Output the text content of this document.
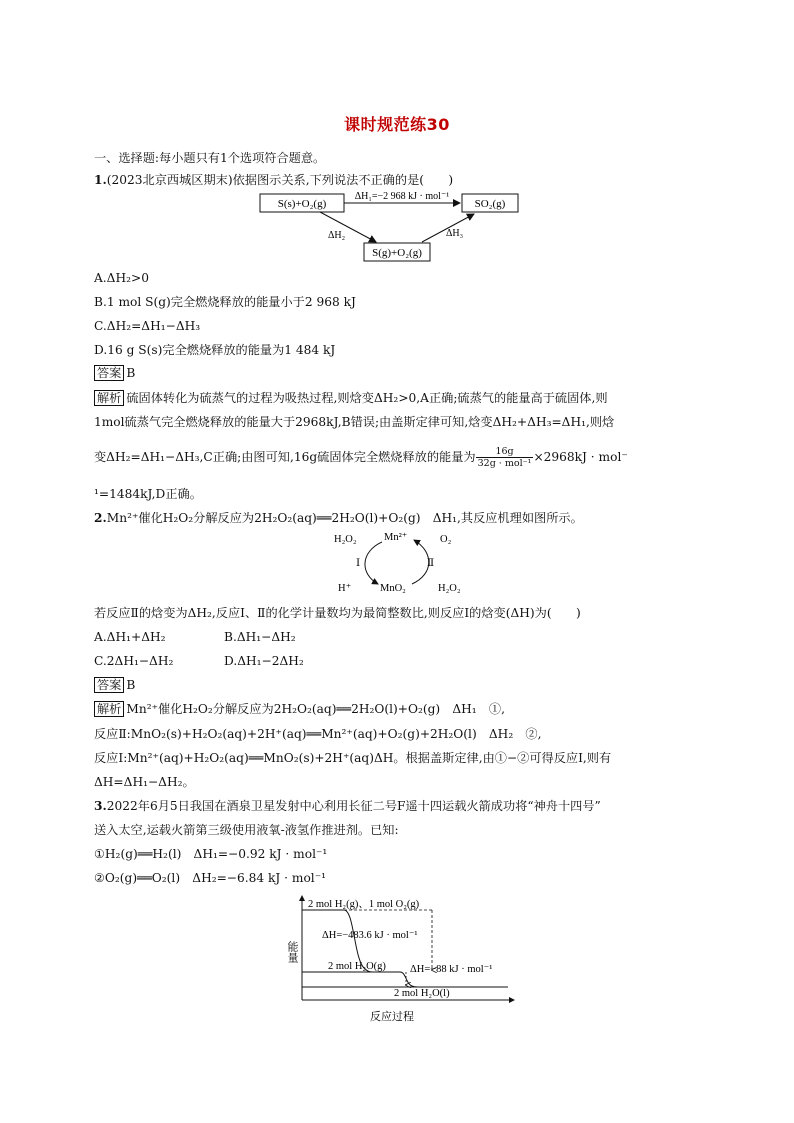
课时规范练30
一、选择题:每小题只有1个选项符合题意。
1.(2023北京西城区期末)依据图示关系,下列说法不正确的是(　　)
S(s)+O₂(g)	SO₂(g)
S(g)+O₂(g)
ΔH₁=−2 968 kJ · mol⁻¹
ΔH₂	ΔH₃
A.ΔH₂>0
B.1 mol S(g)完全燃烧释放的能量小于2 968 kJ
C.ΔH₂=ΔH₁−ΔH₃
D.16 g S(s)完全燃烧释放的能量为1 484 kJ
答案 B
解析 硫固体转化为硫蒸气的过程为吸热过程,则焓变ΔH₂>0,A正确;硫蒸气的能量高于硫固体,则
1mol硫蒸气完全燃烧释放的能量大于2968kJ,B错误;由盖斯定律可知,焓变ΔH₂+ΔH₃=ΔH₁,则焓
变ΔH₂=ΔH₁−ΔH₃,C正确;由图可知,16g硫固体完全燃烧释放的能量为 $\frac{16g}{\text{32g · mol⁻¹}} \times 2968kJ \cdot mol^-$
¹=1484kJ,D正确。
2.Mn²⁺催化H₂O₂分解反应为2H₂O₂(aq)══2H₂O(l)+O₂(g)　ΔH₁,其反应机理如图所示。
H₂O₂	Mn²⁺	O₂
Ⅰ	Ⅱ
H⁺	MnO₂	H₂O₂
若反应Ⅱ的焓变为ΔH₂,反应Ⅰ、Ⅱ的化学计量数均为最简整数比,则反应Ⅰ的焓变(ΔH)为(　　)
A.ΔH₁+ΔH₂	B.ΔH₁−ΔH₂
C.2ΔH₁−ΔH₂	D.ΔH₁−2ΔH₂
答案 B
解析 Mn²⁺催化H₂O₂分解反应为2H₂O₂(aq)══2H₂O(l)+O₂(g)　ΔH₁　①,
反应Ⅱ:MnO₂(s)+H₂O₂(aq)+2H⁺(aq)══Mn²⁺(aq)+O₂(g)+2H₂O(l)　ΔH₂　②,
反应Ⅰ:Mn²⁺(aq)+H₂O₂(aq)══MnO₂(s)+2H⁺(aq)ΔH。根据盖斯定律,由①−②可得反应Ⅰ,则有
ΔH=ΔH₁−ΔH₂。
3.2022年6月5日我国在酒泉卫星发射中心利用长征二号F遥十四运载火箭成功将“神舟十四号”
送入太空,运载火箭第三级使用液氧-液氢作推进剂。已知:
①H₂(g)══H₂(l)　ΔH₁=−0.92 kJ · mol⁻¹
②O₂(g)══O₂(l)　ΔH₂=−6.84 kJ · mol⁻¹
能量
反应过程
2 mol H₂(g)、1 mol O₂(g)
ΔH=−483.6 kJ · mol⁻¹
2 mol H₂O(g) ΔH=−88 kJ · mol⁻¹
2 mol H₂O(l)
